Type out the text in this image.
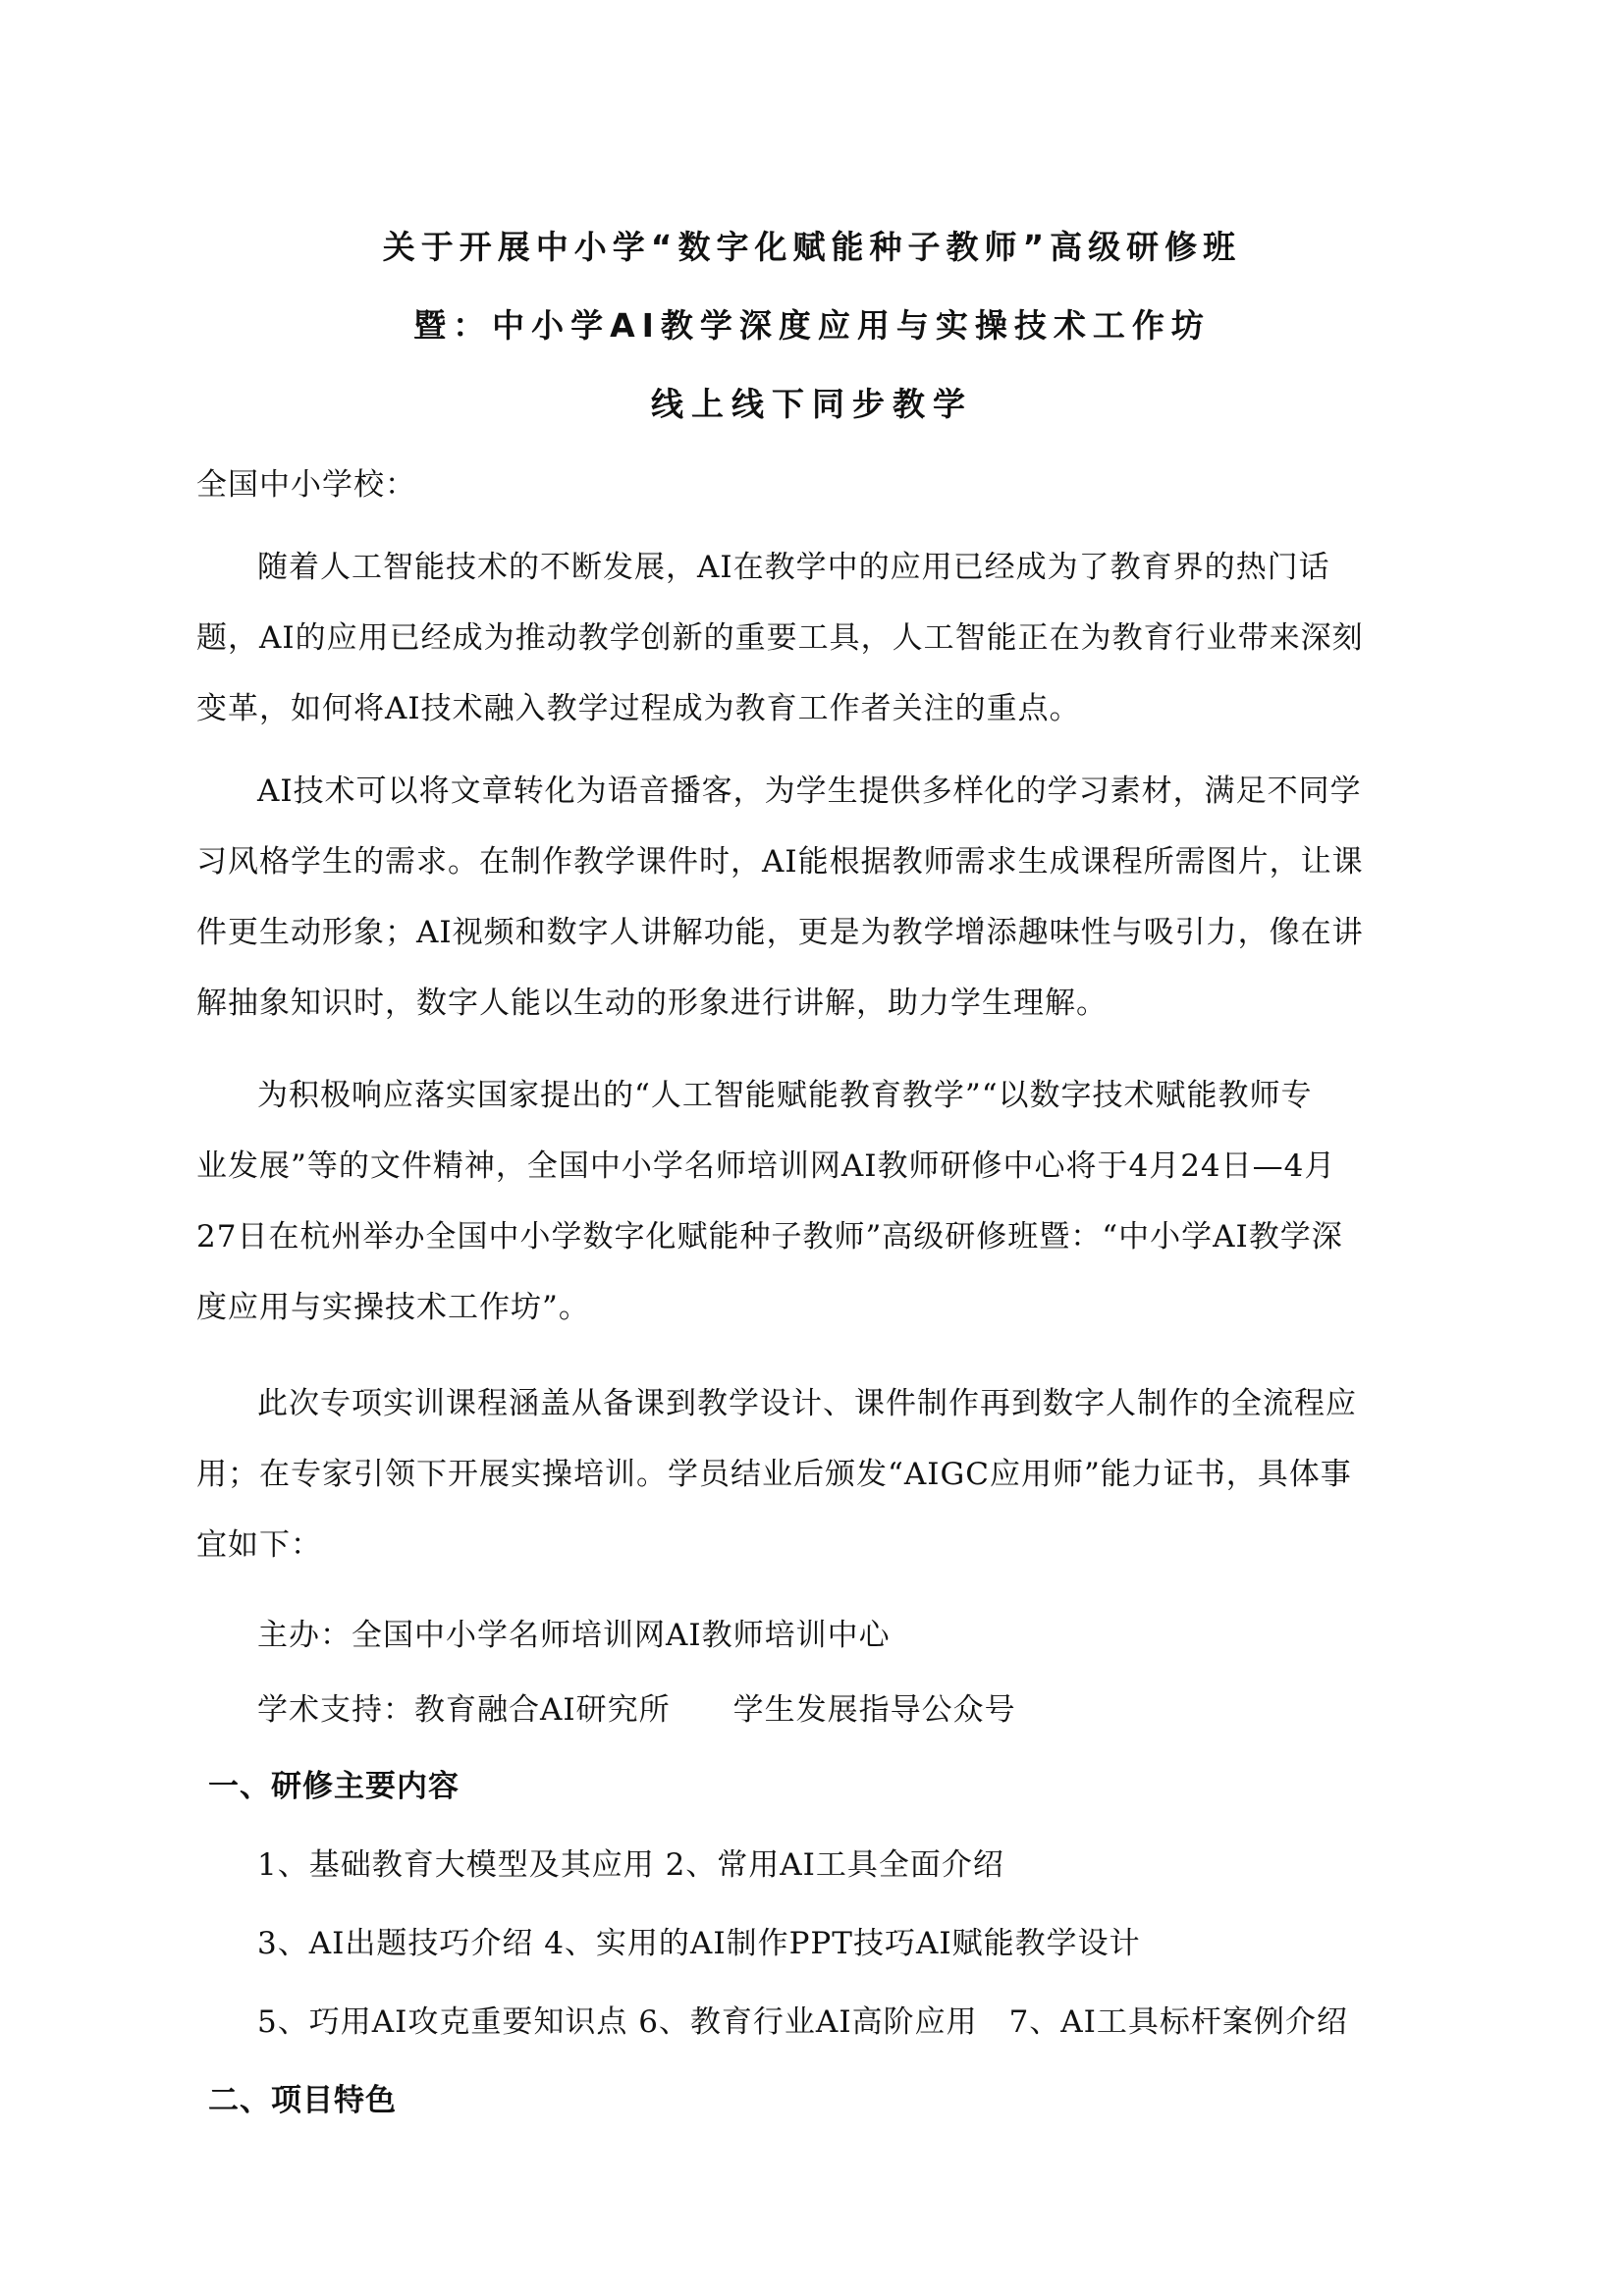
关于开展中小学“数字化赋能种子教师”高级研修班
暨：中小学AI教学深度应用与实操技术工作坊
线上线下同步教学
全国中小学校：
随着人工智能技术的不断发展，AI在教学中的应用已经成为了教育界的热门话
题，AI的应用已经成为推动教学创新的重要工具，人工智能正在为教育行业带来深刻
变革，如何将AI技术融入教学过程成为教育工作者关注的重点。
AI技术可以将文章转化为语音播客，为学生提供多样化的学习素材，满足不同学
习风格学生的需求。在制作教学课件时，AI能根据教师需求生成课程所需图片，让课
件更生动形象；AI视频和数字人讲解功能，更是为教学增添趣味性与吸引力，像在讲
解抽象知识时，数字人能以生动的形象进行讲解，助力学生理解。
为积极响应落实国家提出的“人工智能赋能教育教学”“以数字技术赋能教师专
业发展”等的文件精神，全国中小学名师培训网AI教师研修中心将于4月24日—4月
27日在杭州举办全国中小学数字化赋能种子教师”高级研修班暨：“中小学AI教学深
度应用与实操技术工作坊”。
此次专项实训课程涵盖从备课到教学设计、课件制作再到数字人制作的全流程应
用；在专家引领下开展实操培训。学员结业后颁发“AIGC应用师”能力证书，具体事
宜如下：
主办：全国中小学名师培训网AI教师培训中心
学术支持：教育融合AI研究所　　学生发展指导公众号
一、研修主要内容
1、基础教育大模型及其应用 2、常用AI工具全面介绍
3、AI出题技巧介绍 4、实用的AI制作PPT技巧AI赋能教学设计
5、巧用AI攻克重要知识点 6、教育行业AI高阶应用　7、AI工具标杆案例介绍
二、项目特色
